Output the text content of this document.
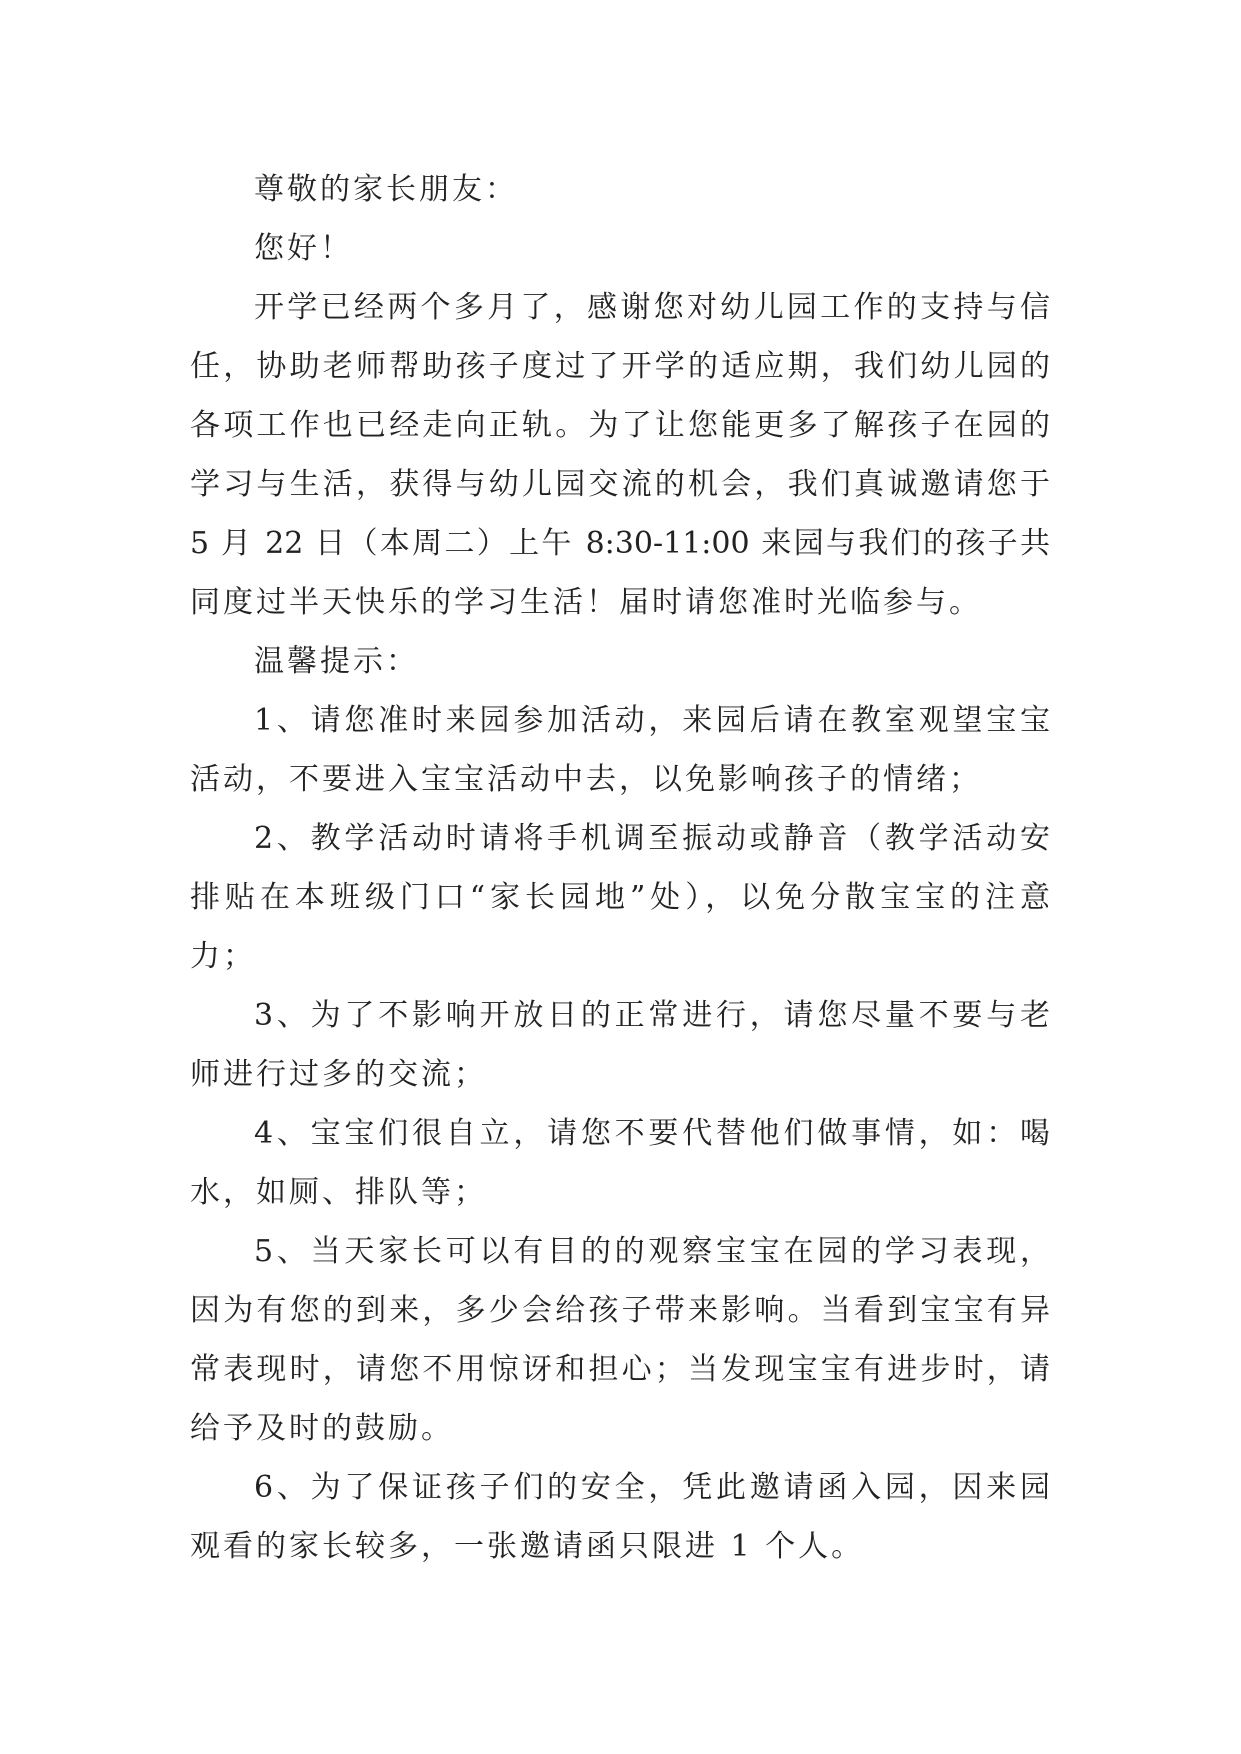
尊敬的家长朋友：
您好！
开学已经两个多月了，感谢您对幼儿园工作的支持与信
任，协助老师帮助孩子度过了开学的适应期，我们幼儿园的
各项工作也已经走向正轨。为了让您能更多了解孩子在园的
学习与生活，获得与幼儿园交流的机会，我们真诚邀请您于
5 月 22 日（本周二）上午 8:30-11:00 来园与我们的孩子共
同度过半天快乐的学习生活！届时请您准时光临参与。
温馨提示：
1、请您准时来园参加活动，来园后请在教室观望宝宝
活动，不要进入宝宝活动中去，以免影响孩子的情绪；
2、教学活动时请将手机调至振动或静音（教学活动安
排贴在本班级门口“家长园地”处），以免分散宝宝的注意
力；
3、为了不影响开放日的正常进行，请您尽量不要与老
师进行过多的交流；
4、宝宝们很自立，请您不要代替他们做事情，如：喝
水，如厕、排队等；
5、当天家长可以有目的的观察宝宝在园的学习表现，
因为有您的到来，多少会给孩子带来影响。当看到宝宝有异
常表现时，请您不用惊讶和担心；当发现宝宝有进步时，请
给予及时的鼓励。
6、为了保证孩子们的安全，凭此邀请函入园，因来园
观看的家长较多，一张邀请函只限进 1 个人。
